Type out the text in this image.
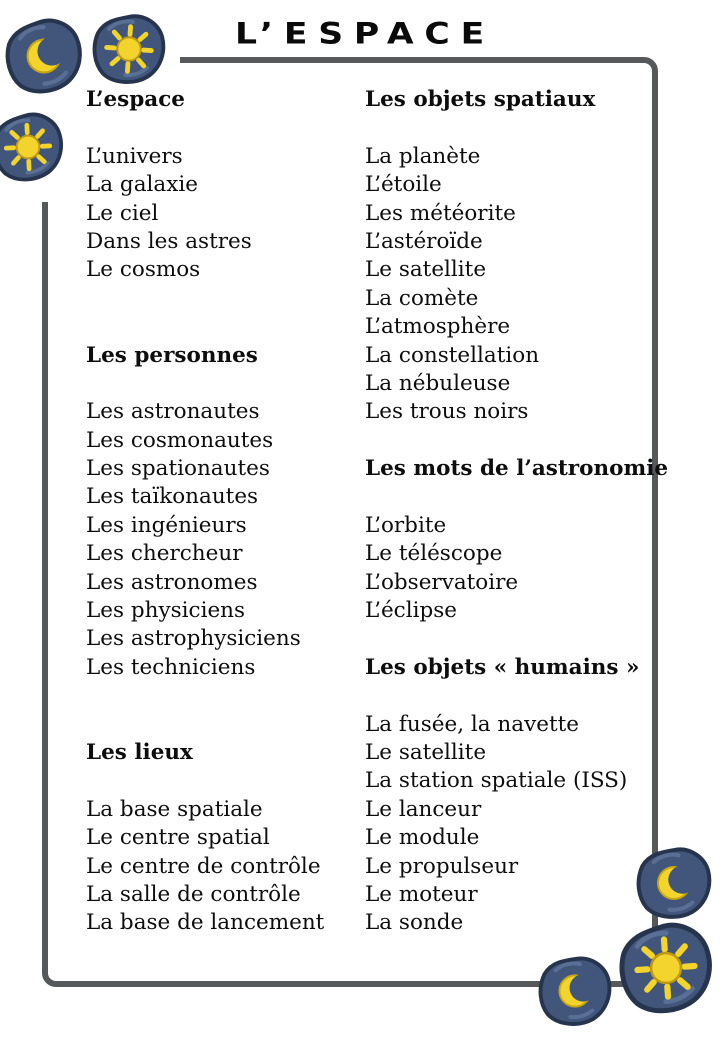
L’ESPACE
L’espace
L’univers
La galaxie
Le ciel
Dans les astres
Le cosmos
Les personnes
Les astronautes
Les cosmonautes
Les spationautes
Les taïkonautes
Les ingénieurs
Les chercheur
Les astronomes
Les physiciens
Les astrophysiciens
Les techniciens
Les lieux
La base spatiale
Le centre spatial
Le centre de contrôle
La salle de contrôle
La base de lancement
Les objets spatiaux
La planète
L’étoile
Les météorite
L’astéroïde
Le satellite
La comète
L’atmosphère
La constellation
La nébuleuse
Les trous noirs
Les mots de l’astronomie
L’orbite
Le téléscope
L’observatoire
L’éclipse
Les objets « humains »
La fusée, la navette
Le satellite
La station spatiale (ISS)
Le lanceur
Le module
Le propulseur
Le moteur
La sonde
